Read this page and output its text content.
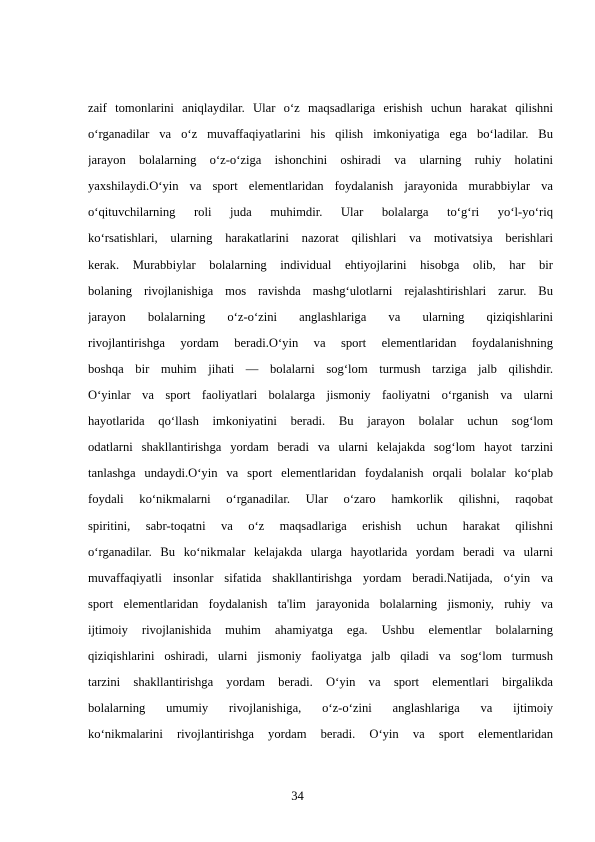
zaif tomonlarini aniqlaydilar. Ular o‘z maqsadlariga erishish uchun harakat qilishni
o‘rganadilar va o‘z muvaffaqiyatlarini his qilish imkoniyatiga ega bo‘ladilar. Bu
jarayon bolalarning o‘z-o‘ziga ishonchini oshiradi va ularning ruhiy holatini
yaxshilaydi.O‘yin va sport elementlaridan foydalanish jarayonida murabbiylar va
o‘qituvchilarning roli juda muhimdir. Ular bolalarga to‘g‘ri yo‘l-yo‘riq
ko‘rsatishlari, ularning harakatlarini nazorat qilishlari va motivatsiya berishlari
kerak. Murabbiylar bolalarning individual ehtiyojlarini hisobga olib, har bir
bolaning rivojlanishiga mos ravishda mashg‘ulotlarni rejalashtirishlari zarur. Bu
jarayon bolalarning o‘z-o‘zini anglashlariga va ularning qiziqishlarini
rivojlantirishga yordam beradi.O‘yin va sport elementlaridan foydalanishning
boshqa bir muhim jihati — bolalarni sog‘lom turmush tarziga jalb qilishdir.
O‘yinlar va sport faoliyatlari bolalarga jismoniy faoliyatni o‘rganish va ularni
hayotlarida qo‘llash imkoniyatini beradi. Bu jarayon bolalar uchun sog‘lom
odatlarni shakllantirishga yordam beradi va ularni kelajakda sog‘lom hayot tarzini
tanlashga undaydi.O‘yin va sport elementlaridan foydalanish orqali bolalar ko‘plab
foydali ko‘nikmalarni o‘rganadilar. Ular o‘zaro hamkorlik qilishni, raqobat
spiritini, sabr-toqatni va o‘z maqsadlariga erishish uchun harakat qilishni
o‘rganadilar. Bu ko‘nikmalar kelajakda ularga hayotlarida yordam beradi va ularni
muvaffaqiyatli insonlar sifatida shakllantirishga yordam beradi.Natijada, o‘yin va
sport elementlaridan foydalanish ta'lim jarayonida bolalarning jismoniy, ruhiy va
ijtimoiy rivojlanishida muhim ahamiyatga ega. Ushbu elementlar bolalarning
qiziqishlarini oshiradi, ularni jismoniy faoliyatga jalb qiladi va sog‘lom turmush
tarzini shakllantirishga yordam beradi. O‘yin va sport elementlari birgalikda
bolalarning umumiy rivojlanishiga, o‘z-o‘zini anglashlariga va ijtimoiy
ko‘nikmalarini rivojlantirishga yordam beradi. O‘yin va sport elementlaridan
34
